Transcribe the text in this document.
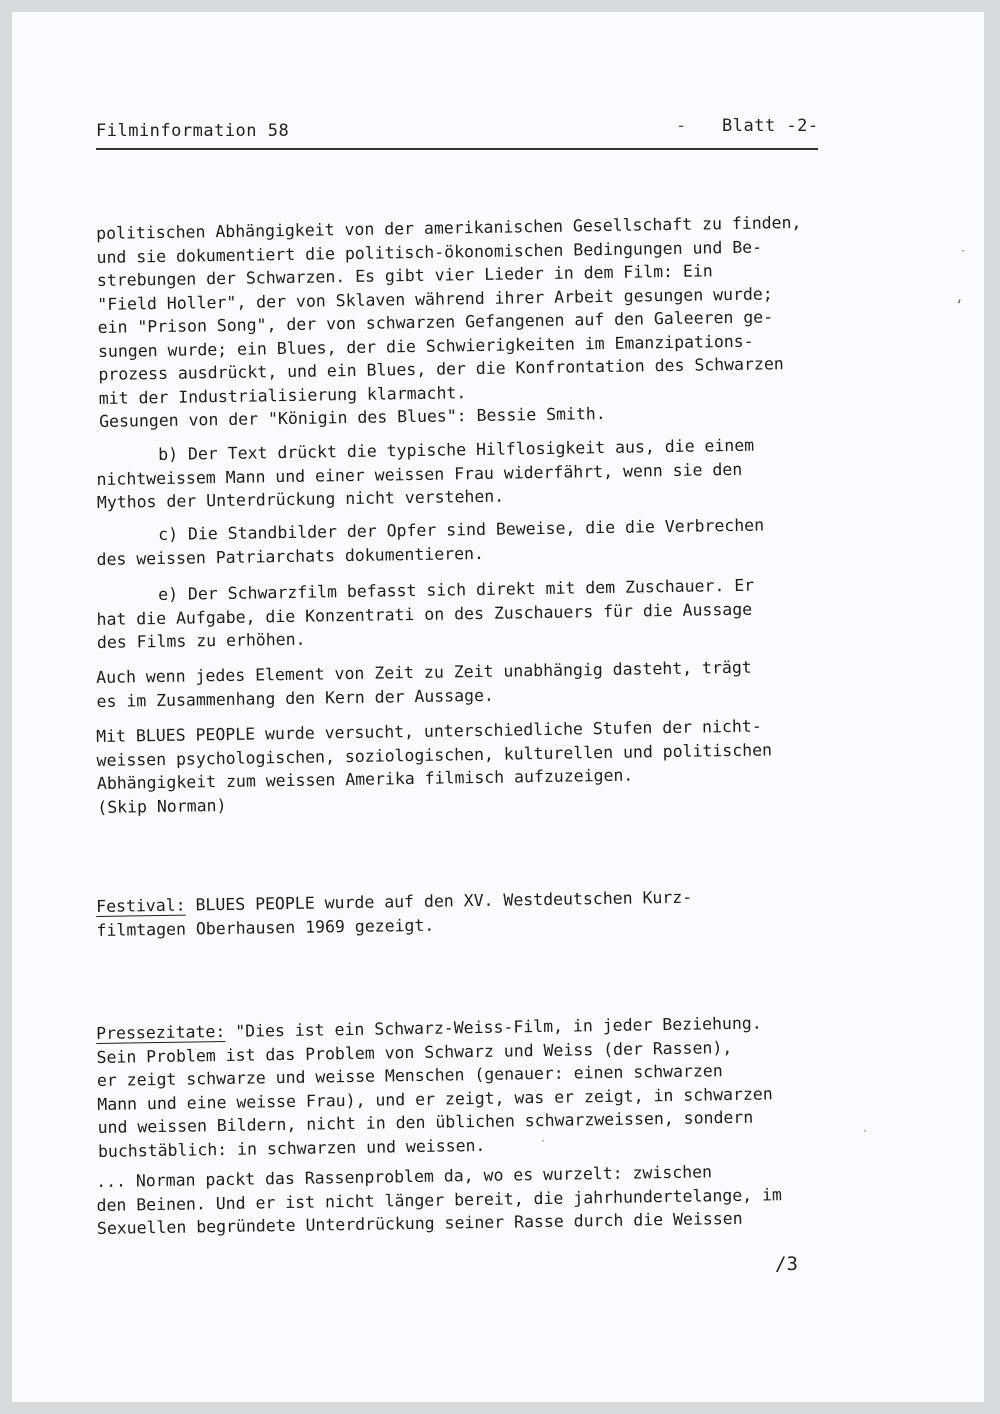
Filminformation 58	- Blatt -2-
politischen Abhängigkeit von der amerikanischen Gesellschaft zu finden,
und sie dokumentiert die politisch-ökonomischen Bedingungen und Be-
strebungen der Schwarzen. Es gibt vier Lieder in dem Film: Ein
"Field Holler", der von Sklaven während ihrer Arbeit gesungen wurde;
ein "Prison Song", der von schwarzen Gefangenen auf den Galeeren ge-
sungen wurde; ein Blues, der die Schwierigkeiten im Emanzipations-
prozess ausdrückt, und ein Blues, der die Konfrontation des Schwarzen
mit der Industrialisierung klarmacht.
Gesungen von der "Königin des Blues": Bessie Smith.
b) Der Text drückt die typische Hilflosigkeit aus, die einem
nichtweissem Mann und einer weissen Frau widerfährt, wenn sie den
Mythos der Unterdrückung nicht verstehen.
c) Die Standbilder der Opfer sind Beweise, die die Verbrechen
des weissen Patriarchats dokumentieren.
e) Der Schwarzfilm befasst sich direkt mit dem Zuschauer. Er
hat die Aufgabe, die Konzentrati on des Zuschauers für die Aussage
des Films zu erhöhen.
Auch wenn jedes Element von Zeit zu Zeit unabhängig dasteht, trägt
es im Zusammenhang den Kern der Aussage.
Mit BLUES PEOPLE wurde versucht, unterschiedliche Stufen der nicht-
weissen psychologischen, soziologischen, kulturellen und politischen
Abhängigkeit zum weissen Amerika filmisch aufzuzeigen.
(Skip Norman)
Festival: BLUES PEOPLE wurde auf den XV. Westdeutschen Kurz-
filmtagen Oberhausen 1969 gezeigt.
Pressezitate: "Dies ist ein Schwarz-Weiss-Film, in jeder Beziehung.
Sein Problem ist das Problem von Schwarz und Weiss (der Rassen),
er zeigt schwarze und weisse Menschen (genauer: einen schwarzen
Mann und eine weisse Frau), und er zeigt, was er zeigt, in schwarzen
und weissen Bildern, nicht in den üblichen schwarzweissen, sondern
buchstäblich: in schwarzen und weissen.
... Norman packt das Rassenproblem da, wo es wurzelt: zwischen
den Beinen. Und er ist nicht länger bereit, die jahrhundertelange, im
Sexuellen begründete Unterdrückung seiner Rasse durch die Weissen
/3
‘
·
·
·
